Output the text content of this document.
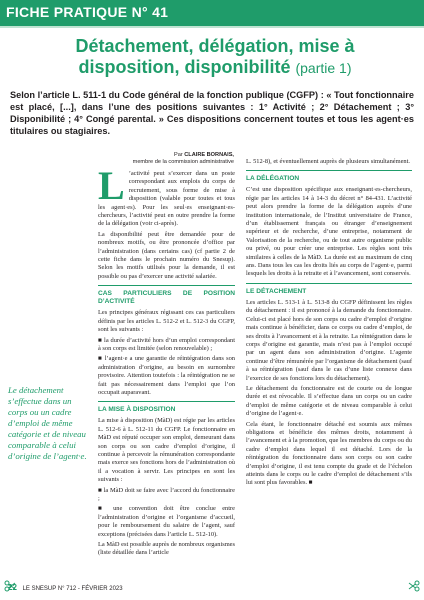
FICHE PRATIQUE N° 41
Détachement, délégation, mise à disposition, disponibilité (partie 1)

Selon l’article L. 511-1 du Code général de la fonction publique (CGFP) : « Tout fonctionnaire est placé, [...], dans l’une des positions suivantes : 1° Activité ; 2° Détachement ; 3° Disponibilité ; 4° Congé parental. » Ces dispositions concernent toutes et tous les agent·es titulaires ou stagiaires.

Par CLAIRE BORNAIS,
membre de la commission administrative
Le détachement s’effectue dans un corps ou un cadre d’emploi de même catégorie et de niveau comparable à celui d’origine de l’agent·e.

L ’activité peut s’exercer dans un poste correspondant aux emplois du corps de recrutement, sous forme de mise à disposition (valable pour toutes et tous les agent·es). Pour les seul·es enseignant·es-chercheurs, l’activité peut en outre prendre la forme de la délégation (voir ci-après).

La disponibilité peut être demandée pour de nombreux motifs, ou être prononcée d’office par l’administration (dans certains cas) (cf partie 2 de cette fiche dans le prochain numéro du Snesup). Selon les motifs utilisés pour la demande, il est possible ou pas d’exercer une activité salariée.

CAS PARTICULIERS DE POSITION D’ACTIVITÉ

Les principes généraux régissant ces cas particuliers définis par les articles L. 512-2 et L. 512-3 du CGFP, sont les suivants :

■ la durée d’activité hors d’un emploi correspondant à son corps est limitée (selon renouvelable) ;

■ l’agent·e a une garantie de réintégration dans son administration d’origine, au besoin en surnombre provisoire. Attention toutefois : la réintégration ne se fait pas nécessairement dans l’emploi que l’on occupait auparavant.

LA MISE À DISPOSITION

La mise à disposition (MàD) est régie par les articles L. 512-6 à L. 512-11 du CGFP. Le fonctionnaire en MàD est réputé occuper son emploi, demeurant dans son corps ou son cadre d’emploi d’origine, il continue à percevoir la rémunération correspondante mais exerce ses fonctions hors de l’administration où il a vocation à servir. Les principes en sont les suivants :

■ la MàD doit se faire avec l’accord du fonctionnaire ;

■ une convention doit être conclue entre l’administration d’origine et l’organisme d’accueil, pour le remboursement du salaire de l’agent, sauf exceptions (précisées dans l’article L. 512-10).

La MàD est possible auprès de nombreux organismes (liste détaillée dans l’article

L. 512-8), et éventuellement auprès de plusieurs simultanément.

LA DÉLÉGATION

C’est une disposition spécifique aux enseignant·es-chercheurs, régie par les articles 14 à 14-3 du décret n° 84-431. L’activité peut alors prendre la forme de la délégation auprès d’une institution internationale, de l’Institut universitaire de France, d’un établissement français ou étranger d’enseignement supérieur et de recherche, d’une entreprise, notamment de Valorisation de la recherche, ou de tout autre organisme public ou privé, ou pour créer une entreprise. Les règles sont très similaires à celles de la MàD. La durée est au maximum de cinq ans. Dans tous les cas les droits liés au corps de l’agent·e, parmi lesquels les droits à la retraite et à l’avancement, sont conservés.

LE DÉTACHEMENT

Les articles L. 513-1 à L. 513-8 du CGFP définissent les règles du détachement : il est prononcé à la demande du fonctionnaire. Celui-ci est placé hors de son corps ou cadre d’emploi d’origine mais continue à bénéficier, dans ce corps ou cadre d’emploi, de ses droits à l’avancement et à la retraite. La réintégration dans le corps d’origine est garantie, mais n’est pas à l’emploi occupé par un agent dans son administration d’origine. L’agente continue d’être rémunérée par l’organisme de détachement (sauf à sa réintégration (sauf dans le cas d’une liste connexe dans l’exercice de ses fonctions lors du détachement).

Le détachement du fonctionnaire est de courte ou de longue durée et est révocable. Il s’effectue dans un corps ou un cadre d’emploi de même catégorie et de niveau comparable à celui d’origine de l’agent·e.

Cela étant, le fonctionnaire détaché est soumis aux mêmes obligations et bénéficie des mêmes droits, notamment à l’avancement et à la promotion, que les membres du corps ou du cadre d’emploi dans lequel il est détaché. Lors de la réintégration du fonctionnaire dans son corps ou son cadre d’emploi d’origine, il est tenu compte du grade et de l’échelon atteints dans le corps ou le cadre d’emploi de détachement s’ils lui sont plus favorables. ■

22 LE SNESUP N° 712 - FÉVRIER 2023
